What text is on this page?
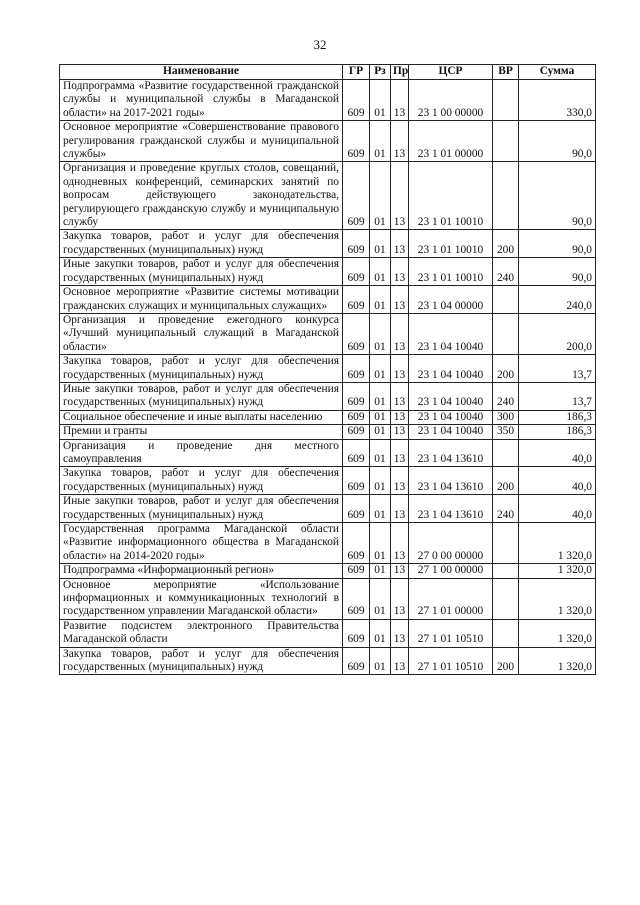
32
Наименование	ГР	Рз	Пр	ЦСР	ВР	Сумма
Подпрограмма «Развитие государственной гражданской службы и муниципальной службы в Магаданской области» на 2017-2021 годы»	609	01	13	23 1 00 00000		330,0
Основное мероприятие «Совершенствование правового регулирования гражданской службы и муниципальной службы»	609	01	13	23 1 01 00000		90,0
Организация и проведение круглых столов, совещаний, однодневных конференций, семинарских занятий по вопросам действующего законодательства, регулирующего гражданскую службу и муниципальную службу	609	01	13	23 1 01 10010		90,0
Закупка товаров, работ и услуг для обеспечения государственных (муниципальных) нужд	609	01	13	23 1 01 10010	200	90,0
Иные закупки товаров, работ и услуг для обеспечения государственных (муниципальных) нужд	609	01	13	23 1 01 10010	240	90,0
Основное мероприятие «Развитие системы мотивации гражданских служащих и муниципальных служащих»	609	01	13	23 1 04 00000		240,0
Организация и проведение ежегодного конкурса «Лучший муниципальный служащий в Магаданской области»	609	01	13	23 1 04 10040		200,0
Закупка товаров, работ и услуг для обеспечения государственных (муниципальных) нужд	609	01	13	23 1 04 10040	200	13,7
Иные закупки товаров, работ и услуг для обеспечения государственных (муниципальных) нужд	609	01	13	23 1 04 10040	240	13,7
Социальное обеспечение и иные выплаты населению	609	01	13	23 1 04 10040	300	186,3
Премии и гранты	609	01	13	23 1 04 10040	350	186,3
Организация и проведение дня местного самоуправления	609	01	13	23 1 04 13610		40,0
Закупка товаров, работ и услуг для обеспечения государственных (муниципальных) нужд	609	01	13	23 1 04 13610	200	40,0
Иные закупки товаров, работ и услуг для обеспечения государственных (муниципальных) нужд	609	01	13	23 1 04 13610	240	40,0
Государственная программа Магаданской области «Развитие информационного общества в Магаданской области» на 2014-2020 годы»	609	01	13	27 0 00 00000		1 320,0
Подпрограмма «Информационный регион»	609	01	13	27 1 00 00000		1 320,0
Основное мероприятие «Использование информационных и коммуникационных технологий в государственном управлении Магаданской области»	609	01	13	27 1 01 00000		1 320,0
Развитие подсистем электронного Правительства Магаданской области	609	01	13	27 1 01 10510		1 320,0
Закупка товаров, работ и услуг для обеспечения государственных (муниципальных) нужд	609	01	13	27 1 01 10510	200	1 320,0
